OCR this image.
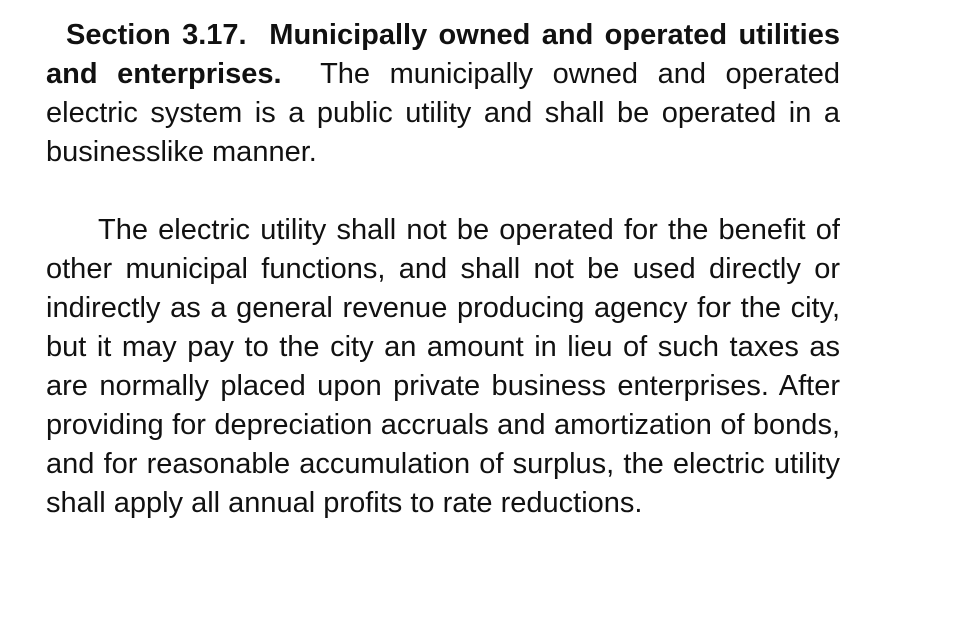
Section 3.17. Municipally owned and operated utilities and enterprises. The municipally owned and operated electric system is a public utility and shall be operated in a businesslike manner.

The electric utility shall not be operated for the benefit of other municipal functions, and shall not be used directly or indirectly as a general revenue producing agency for the city, but it may pay to the city an amount in lieu of such taxes as are normally placed upon private business enterprises. After providing for depreciation accruals and amortization of bonds, and for reasonable accumulation of surplus, the electric utility shall apply all annual profits to rate reductions.
